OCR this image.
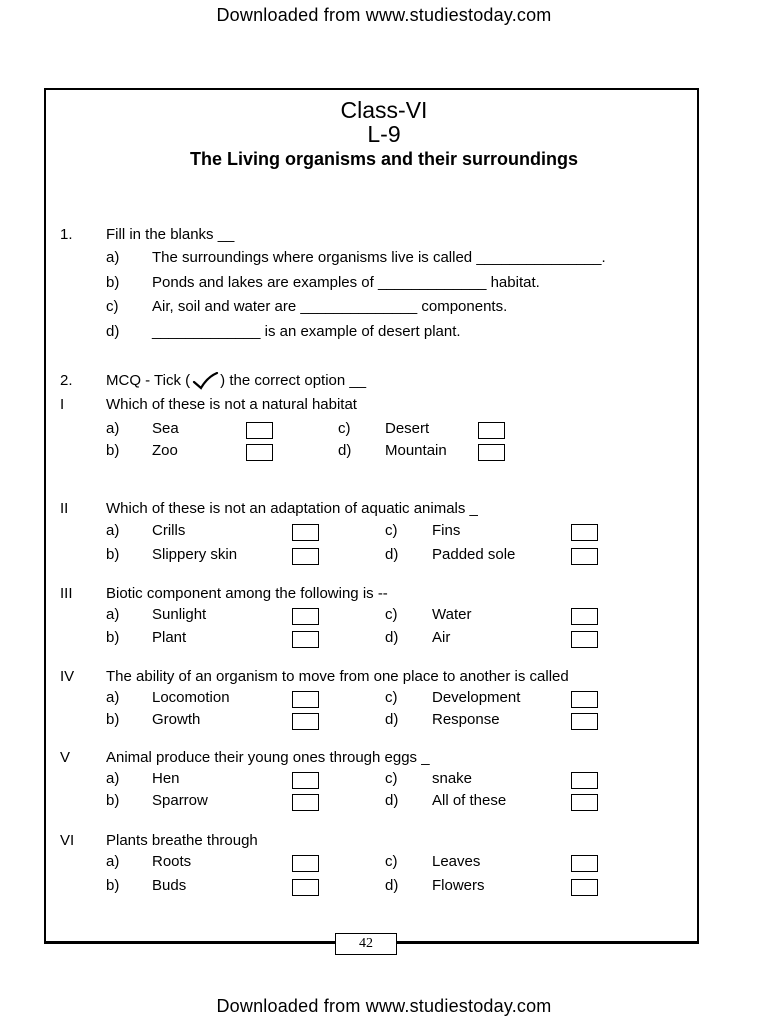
Downloaded from www.studiestoday.com
Class-VI
L-9
The Living organisms and their surroundings
1. Fill in the blanks __
a) The surroundings where organisms live is called _______________.
b) Ponds and lakes are examples of _____________ habitat.
c) Air, soil and water are ______________ components.
d) _____________ is an example of desert plant.
2. MCQ - Tick ( ) the correct option __
I	Which of these is not a natural habitat
a) Sea	c) Desert
b) Zoo	d) Mountain
II	Which of these is not an adaptation of aquatic animals _
a) Crills	c) Fins
b) Slippery skin	d) Padded sole
III Biotic component among the following is --
a) Sunlight	c) Water
b) Plant	d) Air
IV The ability of an organism to move from one place to another is called
a) Locomotion	c) Development
b) Growth	d) Response
V Animal produce their young ones through eggs _
a) Hen	c) snake
b) Sparrow	d) All of these
VI Plants breathe through
a) Roots	c) Leaves
b) Buds	d) Flowers
42
Downloaded from www.studiestoday.com
